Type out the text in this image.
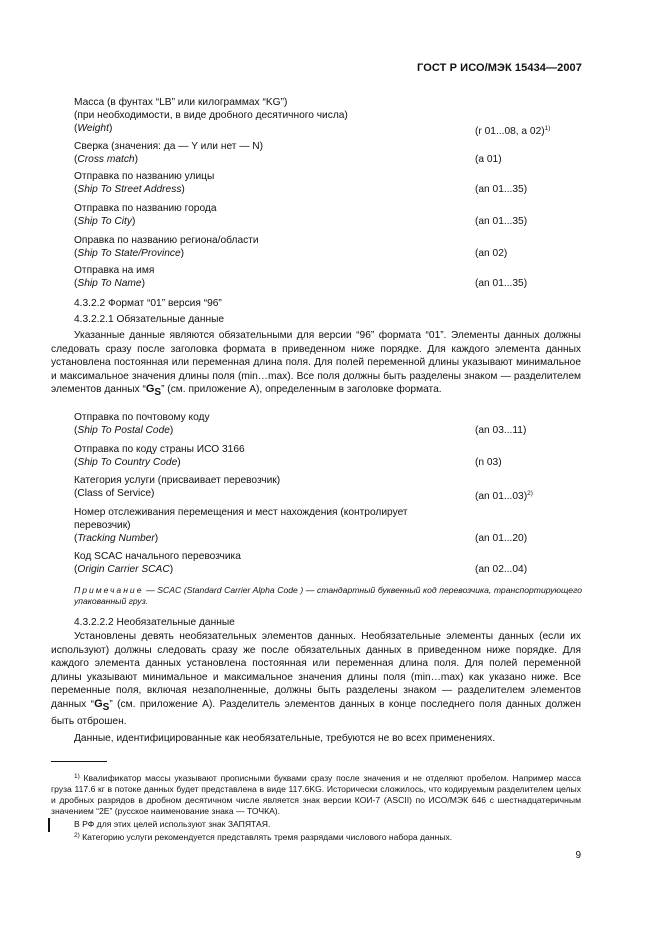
ГОСТ Р ИСО/МЭК 15434—2007
Масса (в фунтах “LB” или килограммах “KG”)
(при необходимости, в виде дробного десятичного числа)
(Weight)	(r 01...08, a 02)$^{1)}$
Сверка (значения: да — Y или нет — N)
(Cross match)	(a 01)
Отправка по названию улицы
(Ship To Street Address)	(an 01...35)
Отправка по названию города
(Ship To City)	(an 01...35)
Оправка по названию региона/области
(Ship To State/Province)	(an 02)
Отправка на имя
(Ship To Name)	(an 01...35)
4.3.2.2 Формат “01” версия “96”
4.3.2.2.1 Обязательные данные
Указанные данные являются обязательными для версии “96” формата “01”. Элементы данных должны следовать сразу после заголовка формата в приведенном ниже порядке. Для каждого элемента данных установлена постоянная или переменная длина поля. Для полей переменной длины указывают минимальное и максимальное значения длины поля (min…max). Все поля должны быть разделены знаком — разделителем элементов данных “$G_S$” (см. приложение А), определенным в заголовке формата.
Отправка по почтовому коду
(Ship To Postal Code)	(an 03...11)
Отправка по коду страны ИСО 3166
(Ship To Country Code)	(n 03)
Категория услуги (присваивает перевозчик)
(Class of Service)	(an 01...03)$^{2)}$
Номер отслеживания перемещения и мест нахождения (контролирует
перевозчик)
(Tracking Number)	(an 01...20)
Код SCAC начального перевозчика
(Origin Carrier SCAC)	(an 02...04)
Примечание — SCAC (Standard Carrier Alpha Code ) — стандартный буквенный код перевозчика, транспортирующего упакованный груз.
4.3.2.2.2 Необязательные данные
Установлены девять необязательных элементов данных. Необязательные элементы данных (если их используют) должны следовать сразу же после обязательных данных в приведенном ниже порядке. Для каждого элемента данных установлена постоянная или переменная длина поля. Для полей переменной длины указывают минимальное и максимальное значения длины поля (min…max) как указано ниже. Все переменные поля, включая незаполненные, должны быть разделены знаком — разделителем элементов данных “$G_S$” (см. приложение А). Разделитель элементов данных в конце последнего поля данных должен быть отброшен.
Данные, идентифицированные как необязательные, требуются не во всех применениях.
$^{1)}$ Квалификатор массы указывают прописными буквами сразу после значения и не отделяют пробелом. Например масса груза 117.6 кг в потоке данных будет представлена в виде 117.6KG. Исторически сложилось, что кодируемым разделителем целых и дробных разрядов в дробном десятичном числе является знак версии КОИ-7 (ASCII) по ИСО/МЭК 646 с шестнадцатеричным значением “2E” (русское наименование знака — ТОЧКА).
В РФ для этих целей используют знак ЗАПЯТАЯ.
$^{2)}$ Категорию услуги рекомендуется представлять тремя разрядами числового набора данных.
9
